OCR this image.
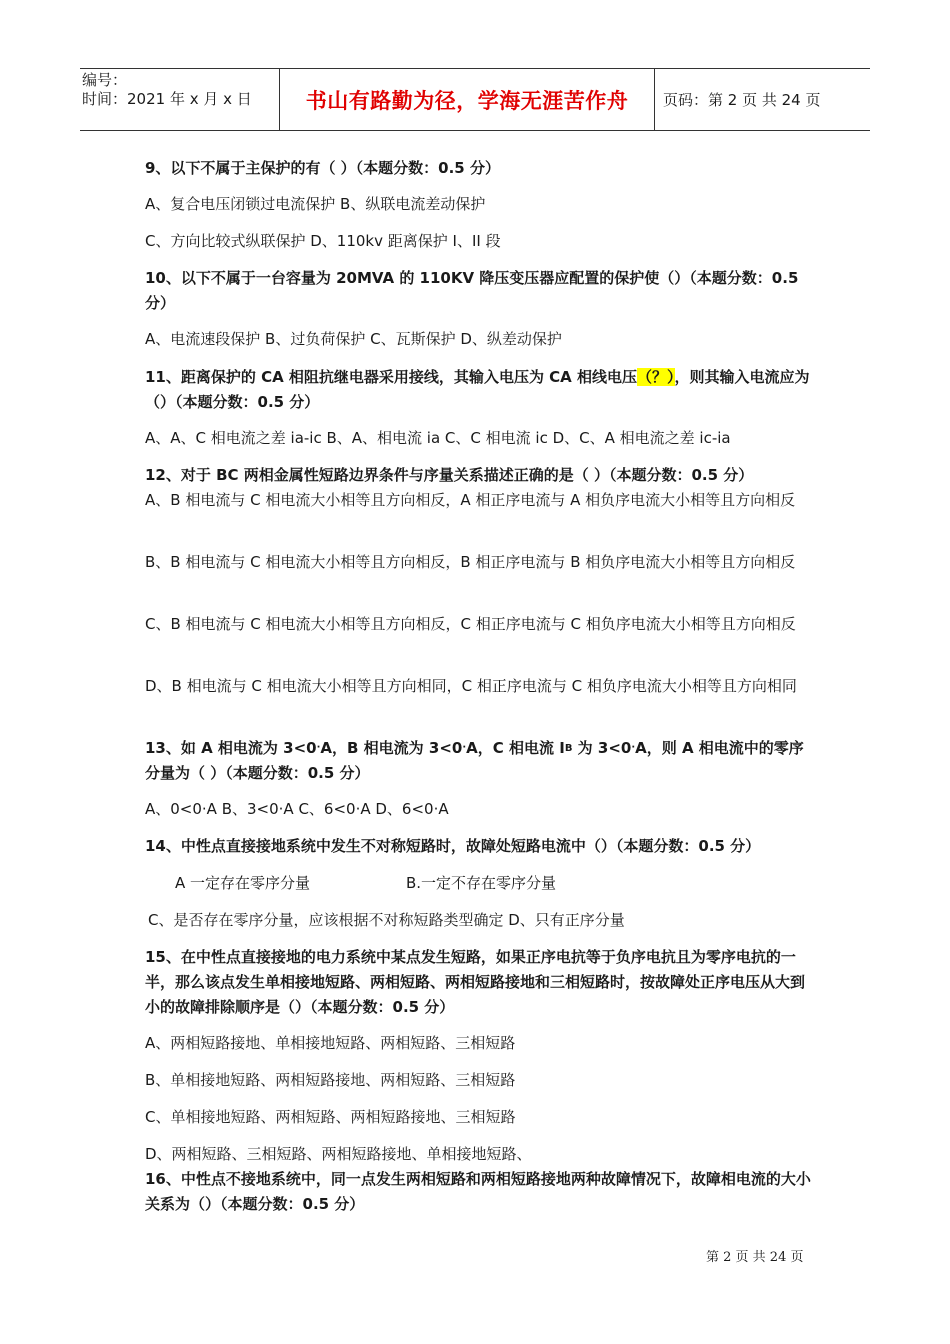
编号：
时间：2021 年 x 月 x 日	书山有路勤为径，学海无涯苦作舟	页码：第 2 页 共 24 页
9、以下不属于主保护的有（ ）（本题分数：0.5 分）
A、复合电压闭锁过电流保护 B、纵联电流差动保护
C、方向比较式纵联保护 D、110kv 距离保护 I、II 段
10、以下不属于一台容量为 20MVA 的 110KV 降压变压器应配置的保护使（）（本题分数：0.5 分）
A、电流速段保护 B、过负荷保护 C、瓦斯保护 D、纵差动保护
11、距离保护的 CA 相阻抗继电器采用接线，其输入电压为 CA 相线电压（？），则其输入电流应为（）（本题分数：0.5 分）
A、A、C 相电流之差 ia-ic B、A、相电流 ia C、C 相电流 ic D、C、A 相电流之差 ic-ia
12、对于 BC 两相金属性短路边界条件与序量关系描述正确的是（ ）（本题分数：0.5 分）
A、B 相电流与 C 相电流大小相等且方向相反，A 相正序电流与 A 相负序电流大小相等且方向相反
B、B 相电流与 C 相电流大小相等且方向相反，B 相正序电流与 B 相负序电流大小相等且方向相反
C、B 相电流与 C 相电流大小相等且方向相反，C 相正序电流与 C 相负序电流大小相等且方向相反
D、B 相电流与 C 相电流大小相等且方向相同，C 相正序电流与 C 相负序电流大小相等且方向相同
13、如 A 相电流为 3<0·A，B 相电流为 3<0·A，C 相电流 IB 为 3<0·A，则 A 相电流中的零序分量为（ ）（本题分数：0.5 分）
A、0<0·A B、3<0·A C、6<0·A D、6<0·A
14、中性点直接接地系统中发生不对称短路时，故障处短路电流中（）（本题分数：0.5 分）
A 一定存在零序分量	B.一定不存在零序分量
C、是否存在零序分量，应该根据不对称短路类型确定 D、只有正序分量
15、在中性点直接接地的电力系统中某点发生短路，如果正序电抗等于负序电抗且为零序电抗的一半，那么该点发生单相接地短路、两相短路、两相短路接地和三相短路时，按故障处正序电压从大到小的故障排除顺序是（）（本题分数：0.5 分）
A、两相短路接地、单相接地短路、两相短路、三相短路
B、单相接地短路、两相短路接地、两相短路、三相短路
C、单相接地短路、两相短路、两相短路接地、三相短路
D、两相短路、三相短路、两相短路接地、单相接地短路、
16、中性点不接地系统中，同一点发生两相短路和两相短路接地两种故障情况下，故障相电流的大小关系为（）（本题分数：0.5 分）
第 2 页 共 24 页
